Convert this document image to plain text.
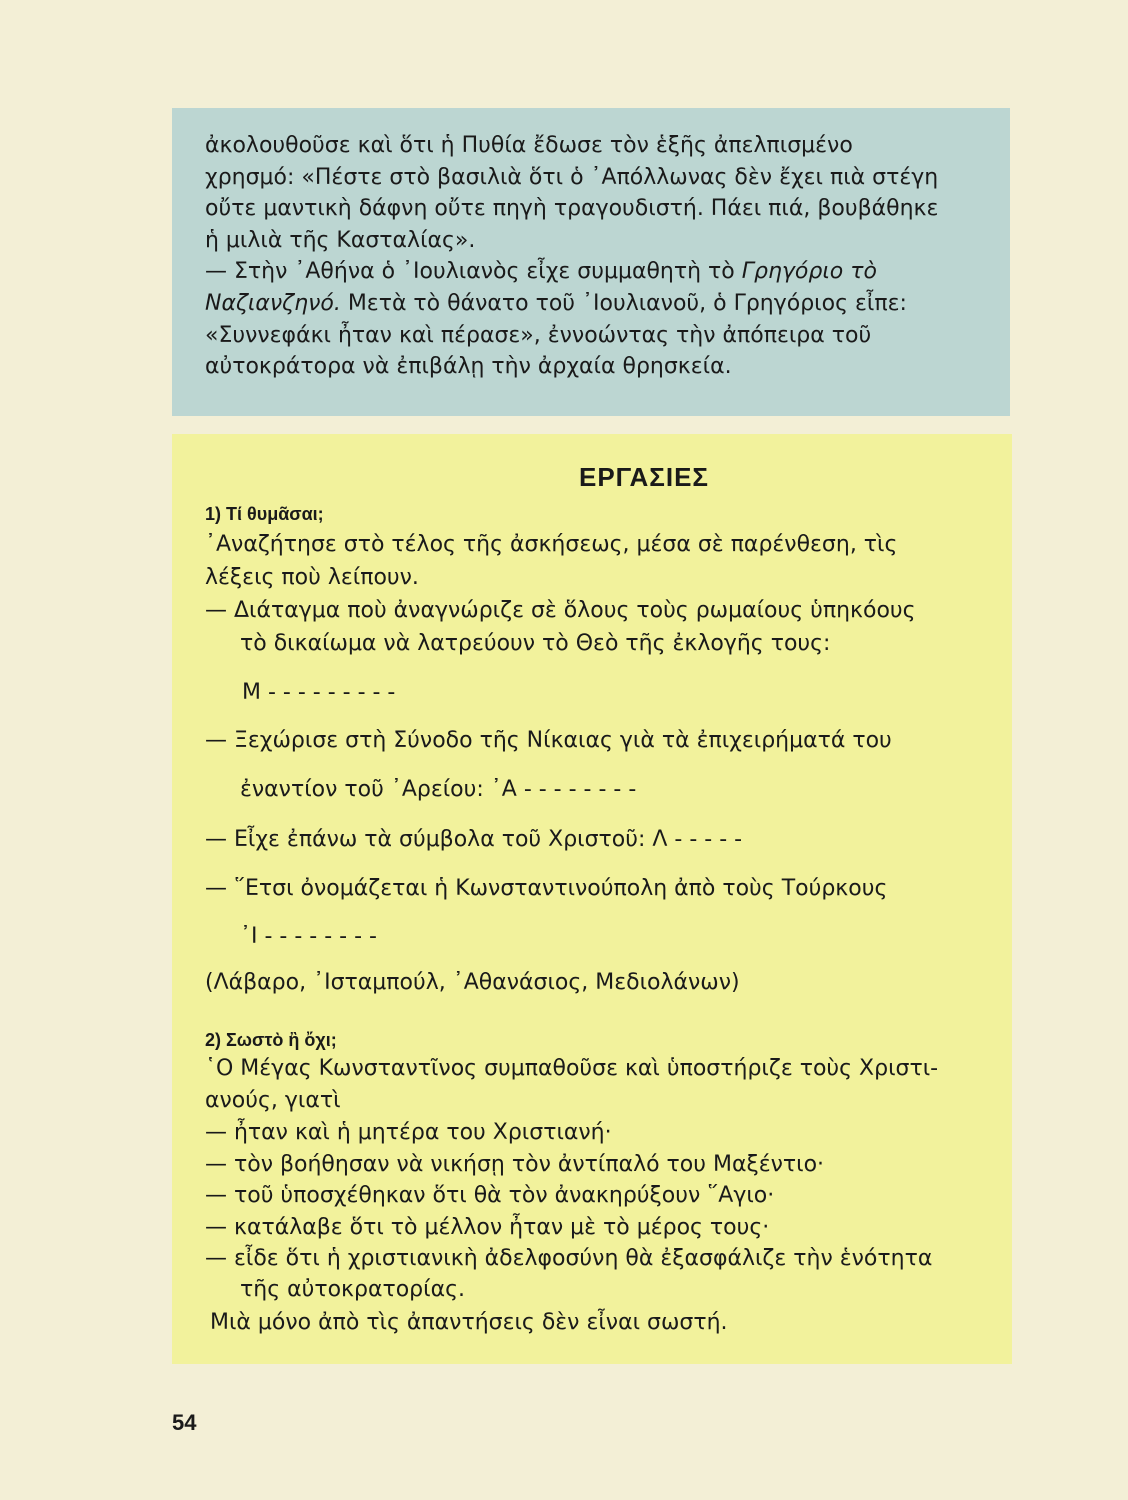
ἀκολουθοῦσε καὶ ὅτι ἡ Πυθία ἔδωσε τὸν ἑξῆς ἀπελπισμένο

χρησμό: «Πέστε στὸ βασιλιὰ ὅτι ὁ ᾿Απόλλωνας δὲν ἔχει πιὰ στέγη

οὔτε μαντικὴ δάφνη οὔτε πηγὴ τραγουδιστή. Πάει πιά, βουβάθηκε

ἡ μιλιὰ τῆς Κασταλίας».

— Στὴν ᾿Αθήνα ὁ ᾿Ιουλιανὸς εἶχε συμμαθητὴ τὸ Γρηγόριο τὸ

Ναζιανζηνό. Μετὰ τὸ θάνατο τοῦ ᾿Ιουλιανοῦ, ὁ Γρηγόριος εἶπε:

«Συννεφάκι ἦταν καὶ πέρασε», ἐννοώντας τὴν ἀπόπειρα τοῦ

αὐτοκράτορα νὰ ἐπιβάλῃ τὴν ἀρχαία θρησκεία.

ΕΡΓΑΣΙΕΣ
1) Τί θυμᾶσαι;
᾿Αναζήτησε στὸ τέλος τῆς ἀσκήσεως, μέσα σὲ παρένθεση, τὶς
λέξεις ποὺ λείπουν.
— Διάταγμα ποὺ ἀναγνώριζε σὲ ὅλους τοὺς ρωμαίους ὑπηκόους
τὸ δικαίωμα νὰ λατρεύουν τὸ Θεὸ τῆς ἐκλογῆς τους:
Μ - - - - - - - - -
— Ξεχώρισε στὴ Σύνοδο τῆς Νίκαιας γιὰ τὰ ἐπιχειρήματά του
ἐναντίον τοῦ ᾿Αρείου: ᾿Α - - - - - - - -
— Εἶχε ἐπάνω τὰ σύμβολα τοῦ Χριστοῦ: Λ - - - - -
— ῞Ετσι ὀνομάζεται ἡ Κωνσταντινούπολη ἀπὸ τοὺς Τούρκους
᾿Ι - - - - - - - -
(Λάβαρο, ᾿Ισταμπούλ, ᾿Αθανάσιος, Μεδιολάνων)
2) Σωστὸ ἢ ὄχι;
῾Ο Μέγας Κωνσταντῖνος συμπαθοῦσε καὶ ὑποστήριζε τοὺς Χριστι-
ανούς, γιατὶ
— ἦταν καὶ ἡ μητέρα του Χριστιανή·
— τὸν βοήθησαν νὰ νικήσῃ τὸν ἀντίπαλό του Μαξέντιο·
— τοῦ ὑποσχέθηκαν ὅτι θὰ τὸν ἀνακηρύξουν ῞Αγιο·
— κατάλαβε ὅτι τὸ μέλλον ἦταν μὲ τὸ μέρος τους·
— εἶδε ὅτι ἡ χριστιανικὴ ἀδελφοσύνη θὰ ἐξασφάλιζε τὴν ἑνότητα
τῆς αὐτοκρατορίας.
Μιὰ μόνο ἀπὸ τὶς ἀπαντήσεις δὲν εἶναι σωστή.
54
